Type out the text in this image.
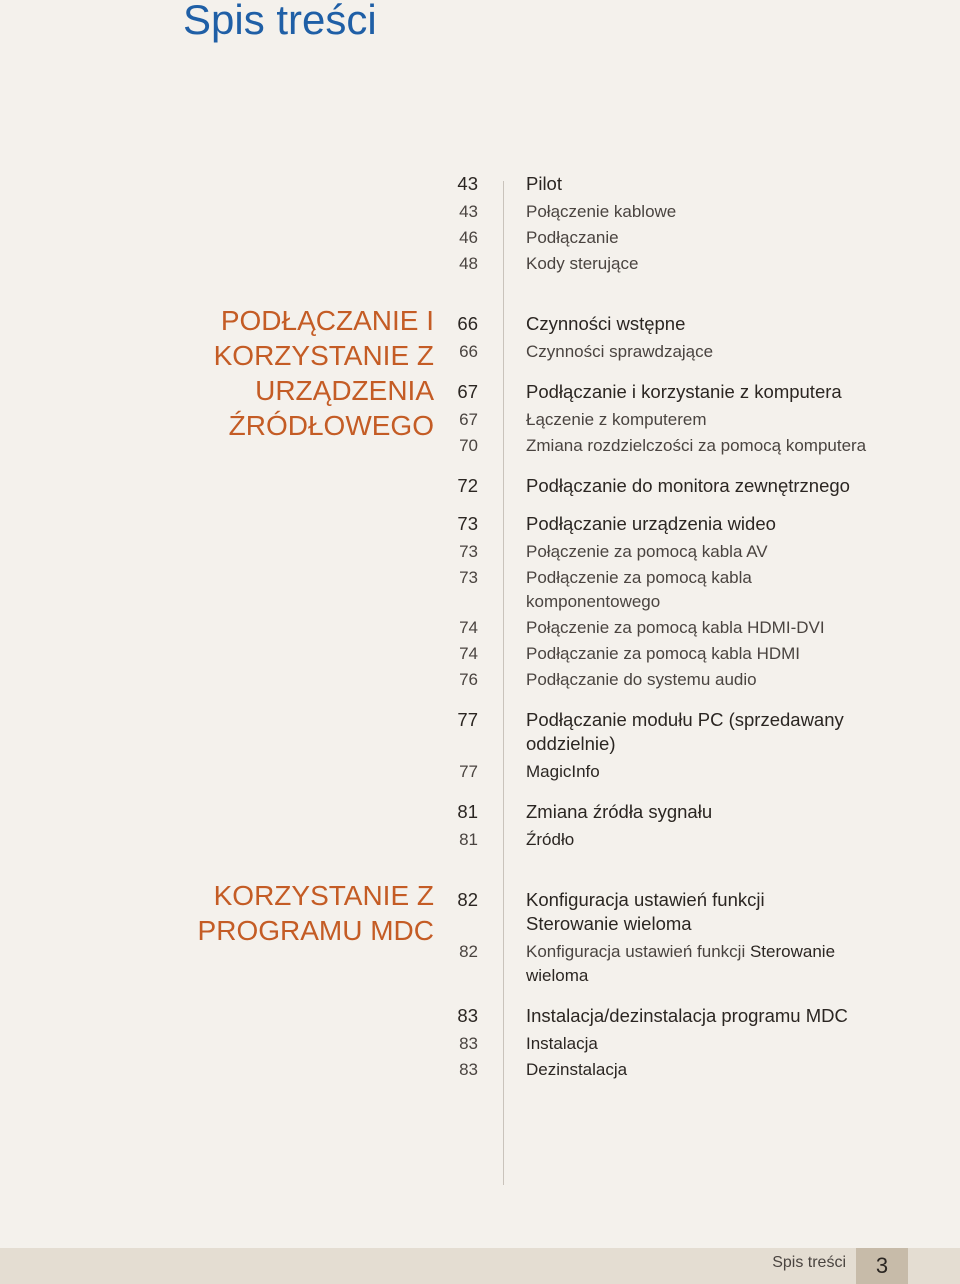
Spis treści
PODŁĄCZANIE I
KORZYSTANIE Z
URZĄDZENIA
ŹRÓDŁOWEGO
KORZYSTANIE Z
PROGRAMU MDC
43	Pilot
43	Połączenie kablowe
46	Podłączanie
48	Kody sterujące
66	Czynności wstępne
66	Czynności sprawdzające
67	Podłączanie i korzystanie z komputera
67	Łączenie z komputerem
70	Zmiana rozdzielczości za pomocą komputera
72	Podłączanie do monitora zewnętrznego
73	Podłączanie urządzenia wideo
73	Połączenie za pomocą kabla AV
73	Podłączenie za pomocą kabla komponentowego
74	Połączenie za pomocą kabla HDMI-DVI
74	Podłączanie za pomocą kabla HDMI
76	Podłączanie do systemu audio
77	Podłączanie modułu PC (sprzedawany oddzielnie)
77	MagicInfo
81	Zmiana źródła sygnału
81	Źródło
82	Konfiguracja ustawień funkcji Sterowanie wieloma
82	Konfiguracja ustawień funkcji Sterowanie wieloma
83	Instalacja/dezinstalacja programu MDC
83	Instalacja
83	Dezinstalacja
Spis treści	3
